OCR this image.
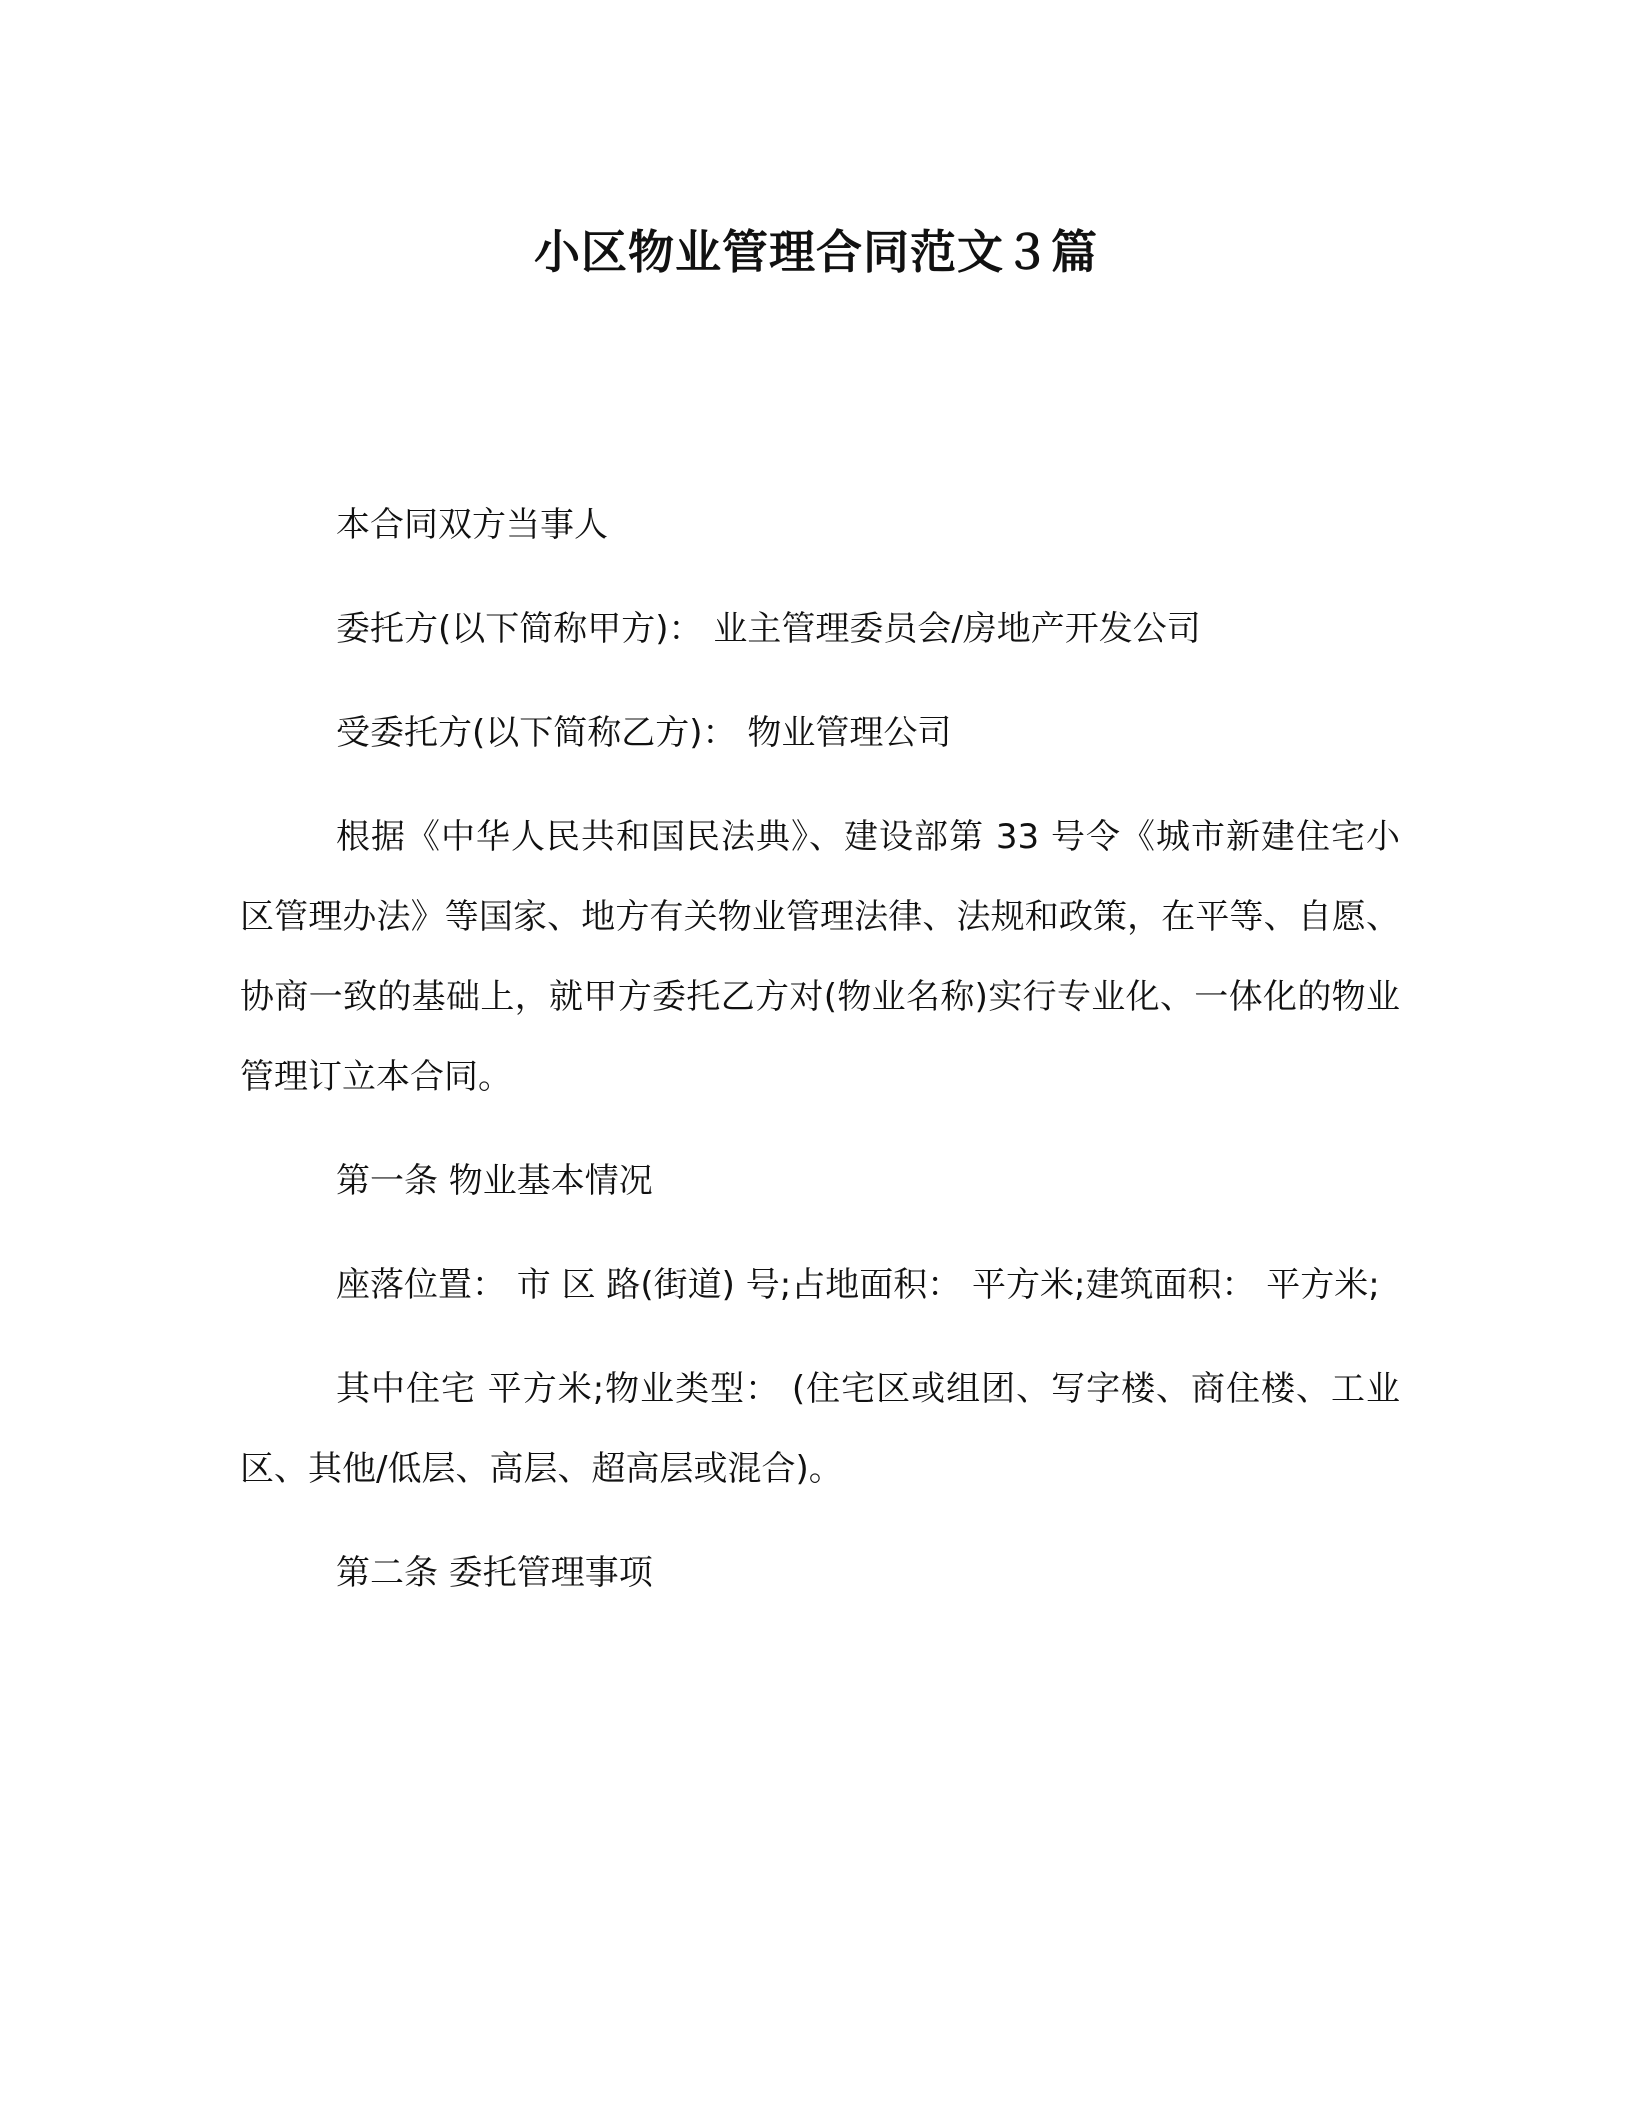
小区物业管理合同范文３篇

本合同双方当事人

委托方(以下简称甲方)： 业主管理委员会/房地产开发公司

受委托方(以下简称乙方)： 物业管理公司

根据《中华人民共和国民法典》、建设部第 33 号令《城市新建住宅小区管理办法》等国家、地方有关物业管理法律、法规和政策，在平等、自愿、协商一致的基础上，就甲方委托乙方对(物业名称)实行专业化、一体化的物业管理订立本合同。

第一条 物业基本情况

座落位置： 市 区 路(街道) 号;占地面积： 平方米;建筑面积： 平方米;

其中住宅 平方米;物业类型： (住宅区或组团、写字楼、商住楼、工业区、其他/低层、高层、超高层或混合)。

第二条 委托管理事项
